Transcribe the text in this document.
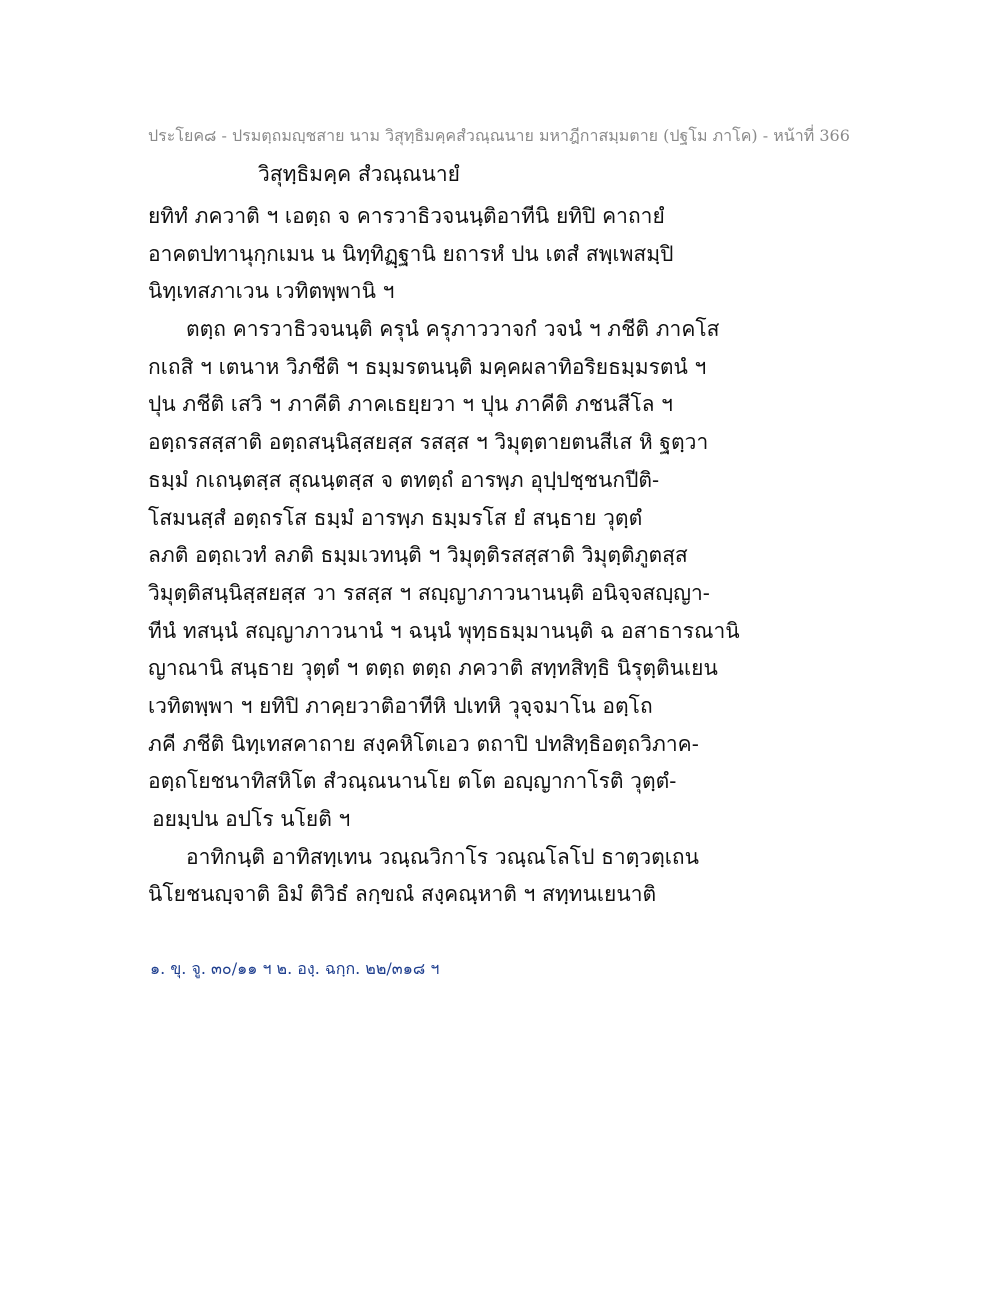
ประโยค๘ - ปรมตฺถมญฺชสาย นาม วิสุทฺธิมคฺคสํวณฺณนาย มหาฎีกาสมฺมตาย (ปฐโม ภาโค) - หน้าที่ 366
วิสุทฺธิมคฺค สํวณฺณนายํ
ยทิทํ ภควาติ ฯ เอตฺถ จ คารวาธิวจนนฺติอาทีนิ ยทิปิ คาถายํ
อาคตปทานุกฺกเมน น นิทฺทิฏฺฐานิ ยถารหํ ปน เตสํ สพฺเพสมฺปิ
นิทฺเทสภาเวน เวทิตพฺพานิ ฯ
ตตฺถ คารวาธิวจนนฺติ ครุนํ ครุภาววาจกํ วจนํ ฯ ภชีติ ภาคโส
กเถสิ ฯ เตนาห วิภชีติ ฯ ธมฺมรตนนฺติ มคฺคผลาทิอริยธมฺมรตนํ ฯ
ปุน ภชีติ เสวิ ฯ ภาคีติ ภาคเธยฺยวา ฯ ปุน ภาคีติ ภชนสีโล ฯ
อตฺถรสสฺสาติ อตฺถสนฺนิสฺสยสฺส รสสฺส ฯ วิมุตฺตายตนสีเส หิ ฐตฺวา
ธมฺมํ กเถนฺตสฺส สุณนฺตสฺส จ ตทตฺถํ อารพฺภ อุปฺปชฺชนกปีติ-
โสมนสฺสํ อตฺถรโส ธมฺมํ อารพฺภ ธมฺมรโส ยํ สนฺธาย วุตฺตํ
ลภติ อตฺถเวทํ ลภติ ธมฺมเวทนฺติ ฯ วิมุตฺติรสสฺสาติ วิมุตฺติภูตสฺส
วิมุตฺติสนฺนิสฺสยสฺส วา รสสฺส ฯ สญฺญาภาวนานนฺติ อนิจฺจสญฺญา-
ทีนํ ทสนฺนํ สญฺญาภาวนานํ ฯ ฉนฺนํ พุทฺธธมฺมานนฺติ ฉ อสาธารณานิ
ญาณานิ สนฺธาย วุตฺตํ ฯ ตตฺถ ตตฺถ ภควาติ สทฺทสิทฺธิ นิรุตฺตินเยน
เวทิตพฺพา ฯ ยทิปิ ภาคฺยวาติอาทีหิ ปเทหิ วุจฺจมาโน อตฺโถ
ภคี ภชีติ นิทฺเทสคาถาย สงฺคหิโตเอว ตถาปิ ปทสิทฺธิอตฺถวิภาค-
อตฺถโยชนาทิสหิโต สํวณฺณนานโย ตโต อญฺญากาโรติ วุตฺตํ-
อยมฺปน อปโร นโยติ ฯ
อาทิกนฺติ อาทิสทฺเทน วณฺณวิกาโร วณฺณโลโป ธาตฺวตฺเถน
นิโยชนญฺจาติ อิมํ ติวิธํ ลกฺขณํ สงฺคณฺหาติ ฯ สทฺทนเยนาติ
๑. ขุ. จู. ๓๐/๑๑ ฯ ๒. องฺ. ฉกฺก. ๒๒/๓๑๘ ฯ
